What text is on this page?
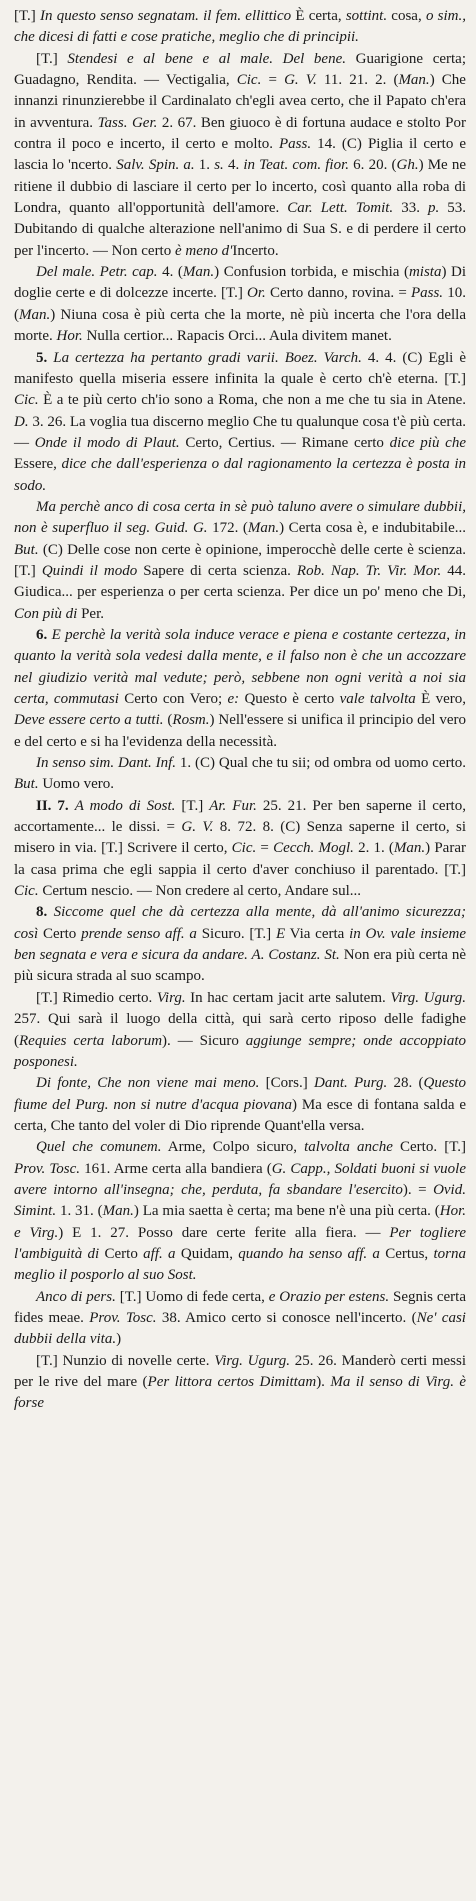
[T.] In questo senso segnatam. il fem. ellittico È certa, sottint. cosa, o sim., che dicesi di fatti e cose pratiche, meglio che di principii.

[T.] Stendesi e al bene e al male. Del bene. Guarigione certa; Guadagno, Rendita. — Vectigalia, Cic. = G. V. 11. 21. 2. (Man.) Che innanzi rinunzierebbe il Cardinalato ch'egli avea certo, che il Papato ch'era in avventura. Tass. Ger. 2. 67. Ben giuoco è di fortuna audace e stolto Por contra il poco e incerto, il certo e molto. Pass. 14. (C) Piglia il certo e lascia lo 'ncerto. Salv. Spin. a. 1. s. 4. in Teat. com. fior. 6. 20. (Gh.) Me ne ritiene il dubbio di lasciare il certo per lo incerto, così quanto alla roba di Londra, quanto all'opportunità dell'amore. Car. Lett. Tomit. 33. p. 53. Dubitando di qualche alterazione nell'animo di Sua S. e di perdere il certo per l'incerto. — Non certo è meno d'Incerto.

Del male. Petr. cap. 4. (Man.) Confusion torbida, e mischia (mista) Di doglie certe e di dolcezze incerte. [T.] Or. Certo danno, rovina. = Pass. 10. (Man.) Niuna cosa è più certa che la morte, nè più incerta che l'ora della morte. Hor. Nulla certior... Rapacis Orci... Aula divitem manet.

5. La certezza ha pertanto gradi varii. Boez. Varch. 4. 4. (C) Egli è manifesto quella miseria essere infinita la quale è certo ch'è eterna. [T.] Cic. È a te più certo ch'io sono a Roma, che non a me che tu sia in Atene. D. 3. 26. La voglia tua discerno meglio Che tu qualunque cosa t'è più certa. — Onde il modo di Plaut. Certo, Certius. — Rimane certo dice più che Essere, dice che dall'esperienza o dal ragionamento la certezza è posta in sodo.

Ma perchè anco di cosa certa in sè può taluno avere o simulare dubbii, non è superfluo il seg. Guid. G. 172. (Man.) Certa cosa è, e indubitabile... But. (C) Delle cose non certe è opinione, imperocchè delle certe è scienza. [T.] Quindi il modo Sapere di certa scienza. Rob. Nap. Tr. Vir. Mor. 44. Giudica... per esperienza o per certa scienza. Per dice un po' meno che Di, Con più di Per.

6. E perchè la verità sola induce verace e piena e costante certezza, in quanto la verità sola vedesi dalla mente, e il falso non è che un accozzare nel giudizio verità mal vedute; però, sebbene non ogni verità a noi sia certa, commutasi Certo con Vero; e: Questo è certo vale talvolta È vero, Deve essere certo a tutti. (Rosm.) Nell'essere si unifica il principio del vero e del certo e si ha l'evidenza della necessità.

In senso sim. Dant. Inf. 1. (C) Qual che tu sii; od ombra od uomo certo. But. Uomo vero.

II. 7. A modo di Sost. [T.] Ar. Fur. 25. 21. Per ben saperne il certo, accortamente... le dissi. = G. V. 8. 72. 8. (C) Senza saperne il certo, si misero in via. [T.] Scrivere il certo, Cic. = Cecch. Mogl. 2. 1. (Man.) Parar la casa prima che egli sappia il certo d'aver conchiuso il parentado. [T.] Cic. Certum nescio. — Non credere al certo, Andare sul...

8. Siccome quel che dà certezza alla mente, dà all'animo sicurezza; così Certo prende senso aff. a Sicuro. [T.] E Via certa in Ov. vale insieme ben segnata e vera e sicura da andare. A. Costanz. St. Non era più certa nè più sicura strada al suo scampo.

[T.] Rimedio certo. Virg. In hac certam jacit arte salutem. Virg. Ugurg. 257. Qui sarà il luogo della città, qui sarà certo riposo delle fadighe (Requies certa laborum). — Sicuro aggiunge sempre; onde accoppiato posponesi.

Di fonte, Che non viene mai meno. [Cors.] Dant. Purg. 28. (Questo fiume del Purg. non si nutre d'acqua piovana) Ma esce di fontana salda e certa, Che tanto del voler di Dio riprende Quant'ella versa.

Quel che comunem. Arme, Colpo sicuro, talvolta anche Certo. [T.] Prov. Tosc. 161. Arme certa alla bandiera (G. Capp., Soldati buoni si vuole avere intorno all'insegna; che, perduta, fa sbandare l'esercito). = Ovid. Simint. 1. 31. (Man.) La mia saetta è certa; ma bene n'è una più certa. (Hor. e Virg.) E 1. 27. Posso dare certe ferite alla fiera. — Per togliere l'ambiguità di Certo aff. a Quidam, quando ha senso aff. a Certus, torna meglio il posporlo al suo Sost.

Anco di pers. [T.] Uomo di fede certa, e Orazio per estens. Segnis certa fides meae. Prov. Tosc. 38. Amico certo si conosce nell'incerto. (Ne' casi dubbii della vita.)

[T.] Nunzio di novelle certe. Virg. Ugurg. 25. 26. Manderò certi messi per le rive del mare (Per littora certos Dimittam). Ma il senso di Virg. è forse
